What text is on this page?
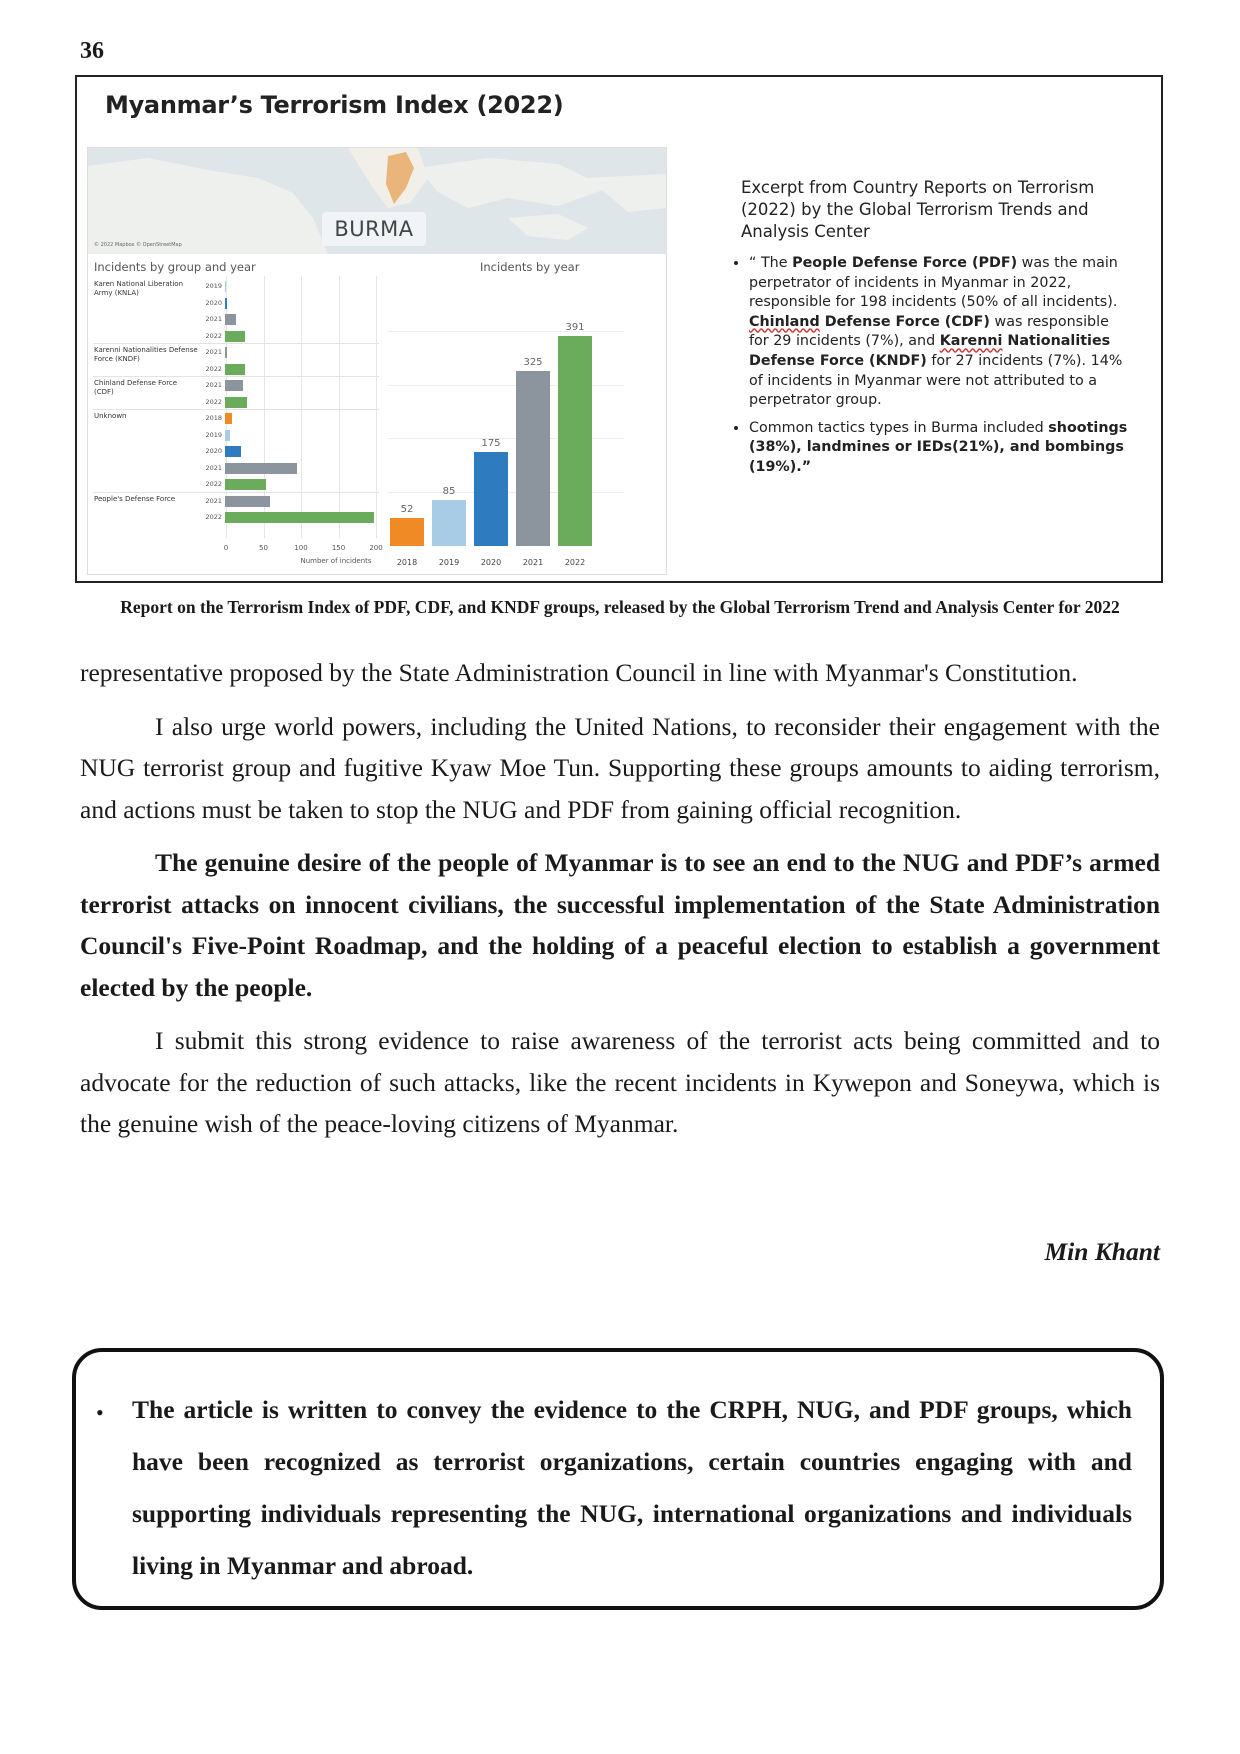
36
Myanmar’s Terrorism Index (2022)
BURMA
© 2022 Mapbox © OpenStreetMap
Incidents by group and year	Incidents by year
0	50	100	150	200
Karen National Liberation Army (KNLA)
2019
2020
2021
2022
Karenni Nationalities Defense Force (KNDF)
2021
2022
Chinland Defense Force (CDF)
2021
2022
Unknown	2018
2019
2020
2021
2022
People's Defense Force	2021
2022
Number of incidents
52
2018
85
2019
175
2020
325
2021
391
2022
Excerpt from Country Reports on Terrorism (2022) by the Global Terrorism Trends and Analysis Center
• “ The People Defense Force (PDF) was the main perpetrator of incidents in Myanmar in 2022, responsible for 198 incidents (50% of all incidents). Chinland Defense Force (CDF) was responsible for 29 incidents (7%), and Karenni Nationalities Defense Force (KNDF) for 27 incidents (7%). 14% of incidents in Myanmar were not attributed to a perpetrator group.
• Common tactics types in Burma included shootings (38%), landmines or IEDs(21%), and bombings (19%).”
Report on the Terrorism Index of PDF, CDF, and KNDF groups, released by the Global Terrorism Trend and Analysis Center for 2022

representative proposed by the State Administration Council in line with Myanmar's Constitution.

I also urge world powers, including the United Nations, to reconsider their engagement with the NUG terrorist group and fugitive Kyaw Moe Tun. Supporting these groups amounts to aiding terrorism, and actions must be taken to stop the NUG and PDF from gaining official recognition.

The genuine desire of the people of Myanmar is to see an end to the NUG and PDF’s armed terrorist attacks on innocent civilians, the successful implementation of the State Administration Council's Five-Point Roadmap, and the holding of a peaceful election to establish a government elected by the people.

I submit this strong evidence to raise awareness of the terrorist acts being committed and to advocate for the reduction of such attacks, like the recent incidents in Kywepon and Soneywa, which is the genuine wish of the peace-loving citizens of Myanmar.

Min Khant
• The article is written to convey the evidence to the CRPH, NUG, and PDF groups, which have been recognized as terrorist organizations, certain countries engaging with and supporting individuals representing the NUG, international organizations and individuals living in Myanmar and abroad.
